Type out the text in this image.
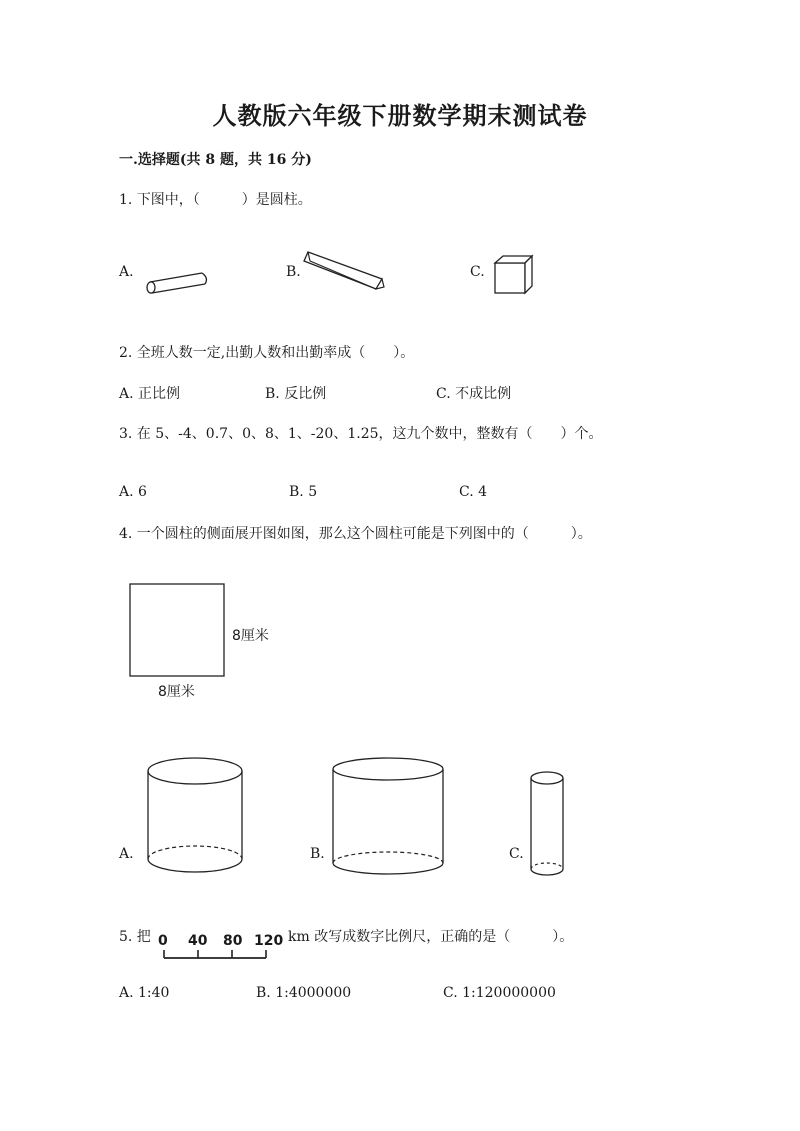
人教版六年级下册数学期末测试卷
一.选择题(共 8 题，共 16 分)
1. 下图中，（　　　）是圆柱。
A.	B.	C.
2. 全班人数一定,出勤人数和出勤率成（　　）。
A. 正比例	B. 反比例	C. 不成比例
3. 在 5、-4、0.7、0、8、1、-20、1.25，这九个数中，整数有（　　）个。
A. 6	B. 5	C. 4
4. 一个圆柱的侧面展开图如图，那么这个圆柱可能是下列图中的（　　　）。
8厘米
8厘米
A.	B.	C.
5. 把 0 40 80 120 km 改写成数字比例尺，正确的是（　　　）。
A. 1:40	B. 1:4000000	C. 1:120000000
